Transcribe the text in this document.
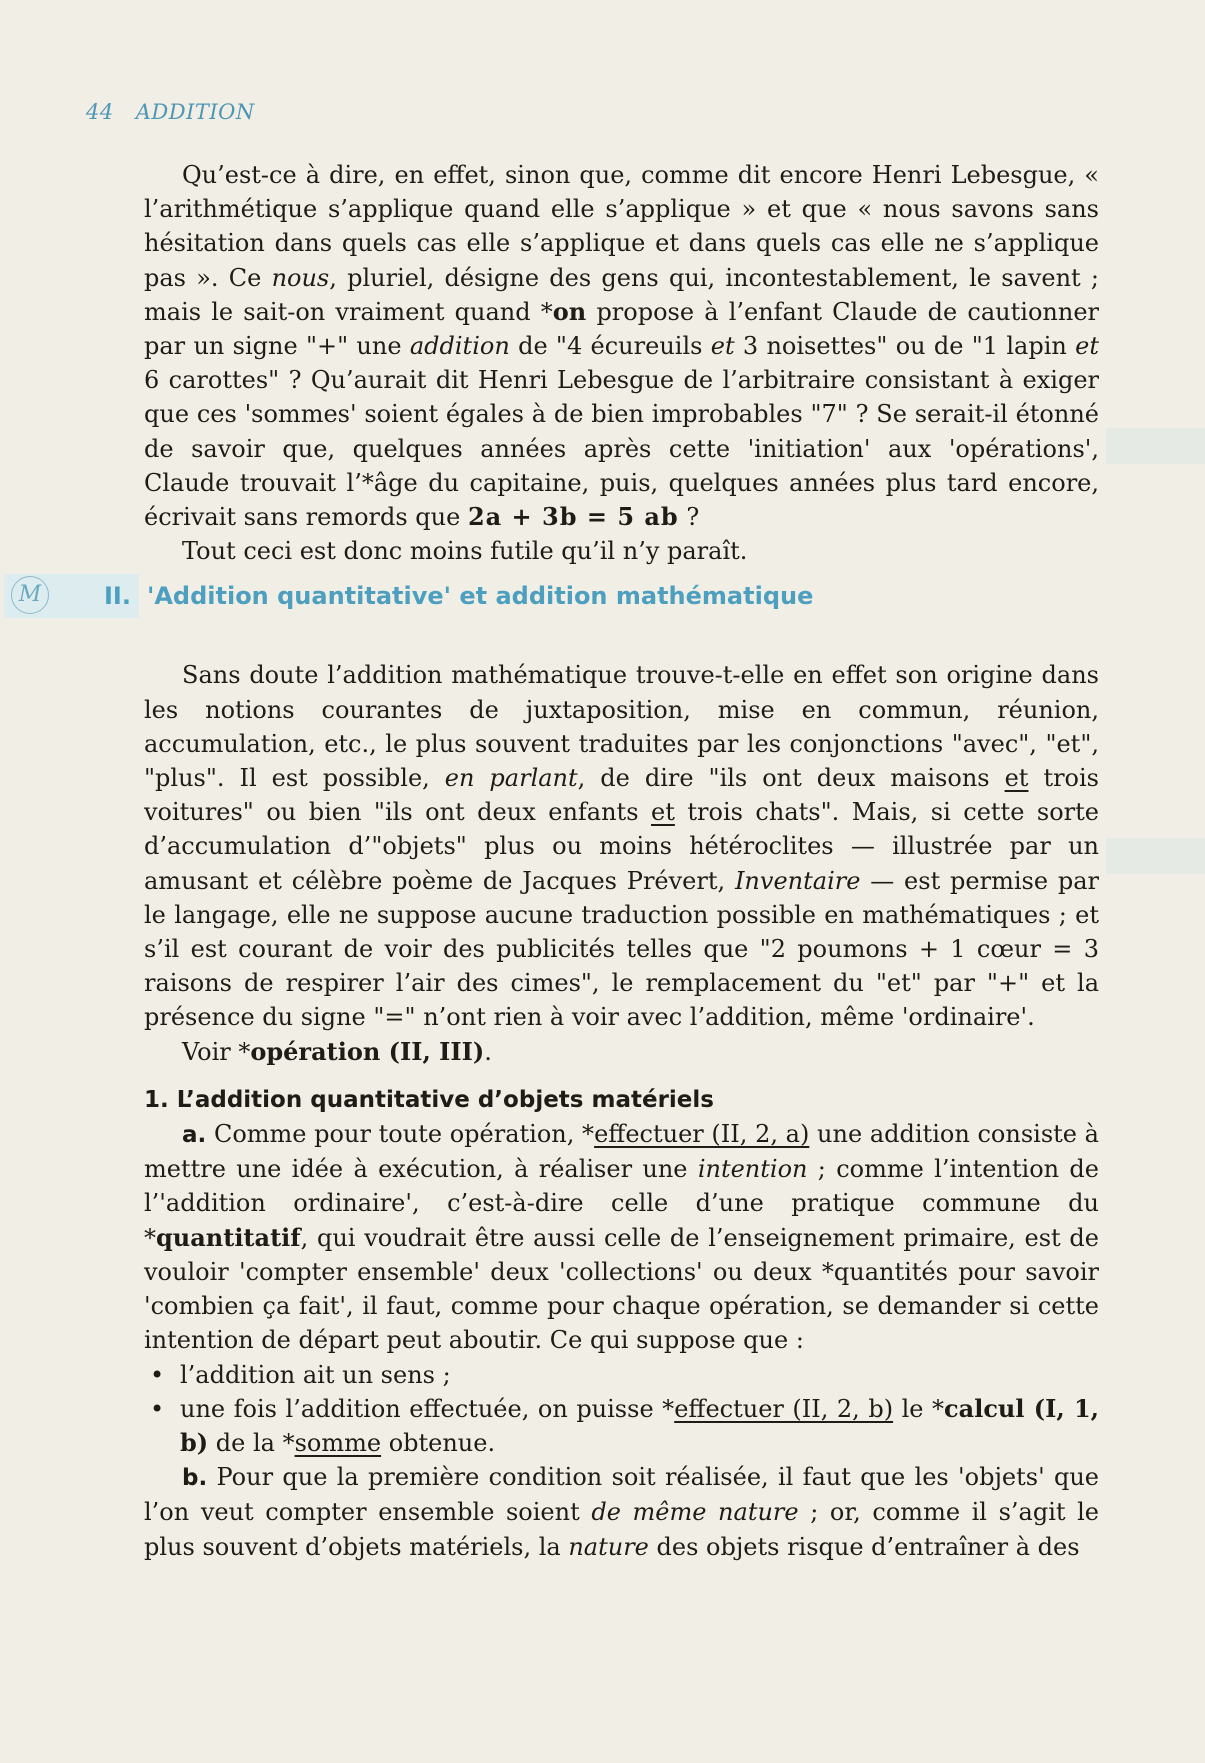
44 ADDITION

Qu’est-ce à dire, en effet, sinon que, comme dit encore Henri Lebesgue, « l’arithmétique s’applique quand elle s’applique » et que « nous savons sans hésitation dans quels cas elle s’applique et dans quels cas elle ne s’applique pas ». Ce nous, pluriel, désigne des gens qui, incontestablement, le savent ; mais le sait-on vraiment quand *on propose à l’enfant Claude de cautionner par un signe "+" une addition de "4 écureuils et 3 noisettes" ou de "1 lapin et 6 carottes" ? Qu’aurait dit Henri Lebesgue de l’arbitraire consistant à exiger que ces 'sommes' soient égales à de bien improbables "7" ? Se serait-il étonné de savoir que, quelques années après cette 'initiation' aux 'opérations', Claude trouvait l’*âge du capitaine, puis, quelques années plus tard encore, écrivait sans remords que 2a + 3b = 5 ab ?

Tout ceci est donc moins futile qu’il n’y paraît.

M	II. 'Addition quantitative' et addition mathématique

Sans doute l’addition mathématique trouve-t-elle en effet son origine dans les notions courantes de juxtaposition, mise en commun, réunion, accumulation, etc., le plus souvent traduites par les conjonctions "avec", "et", "plus". Il est possible, en parlant, de dire "ils ont deux maisons et trois voitures" ou bien "ils ont deux enfants et trois chats". Mais, si cette sorte d’accumulation d’"objets" plus ou moins hétéroclites — illustrée par un amusant et célèbre poème de Jacques Prévert, Inventaire — est permise par le langage, elle ne suppose aucune traduction possible en mathématiques ; et s’il est courant de voir des publicités telles que "2 poumons + 1 cœur = 3 raisons de respirer l’air des cimes", le remplacement du "et" par "+" et la présence du signe "=" n’ont rien à voir avec l’addition, même 'ordinaire'.

Voir *opération (II, III).

1. L’addition quantitative d’objets matériels

a. Comme pour toute opération, *effectuer (II, 2, a) une addition consiste à mettre une idée à exécution, à réaliser une intention ; comme l’intention de l’'addition ordinaire', c’est-à-dire celle d’une pratique commune du *quantitatif, qui voudrait être aussi celle de l’enseignement primaire, est de vouloir 'compter ensemble' deux 'collections' ou deux *quantités pour savoir 'combien ça fait', il faut, comme pour chaque opération, se demander si cette intention de départ peut aboutir. Ce qui suppose que :

• l’addition ait un sens ;

• une fois l’addition effectuée, on puisse *effectuer (II, 2, b) le *calcul (I, 1, b) de la *somme obtenue.

b. Pour que la première condition soit réalisée, il faut que les 'objets' que l’on veut compter ensemble soient de même nature ; or, comme il s’agit le plus souvent d’objets matériels, la nature des objets risque d’entraîner à des
